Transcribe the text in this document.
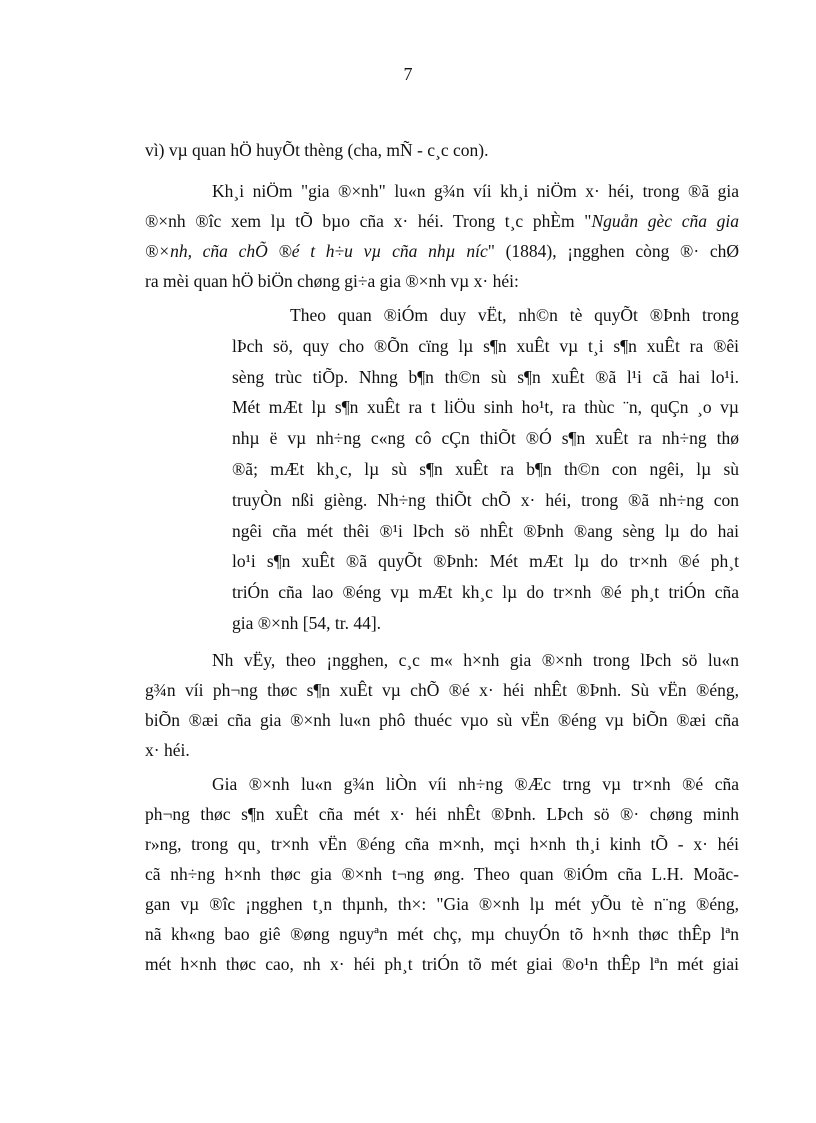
7
vì) vµ quan hÖ huyÕt thèng (cha, mÑ - c¸c con).
Kh¸i niÖm "gia ®×nh" lu«n g¾n víi kh¸i niÖm x· héi, trong ®ã gia
®×nh ®îc xem lµ tÕ bµo cña x· héi. Trong t¸c phÈm "Nguån gèc cña gia
®×nh, cña chÕ ®é t h÷u vµ cña nhµ níc" (1884), ¡ngghen còng ®· chØ
ra mèi quan hÖ biÖn chøng gi÷a gia ®×nh vµ x· héi:
Theo quan ®iÓm duy vËt, nh©n tè quyÕt ®Þnh trong
lÞch sö, quy cho ®Õn cïng lµ s¶n xuÊt vµ t¸i s¶n xuÊt ra ®êi
sèng trùc tiÕp. Nhng b¶n th©n sù s¶n xuÊt ®ã l¹i cã hai lo¹i.
Mét mÆt lµ s¶n xuÊt ra t liÖu sinh ho¹t, ra thùc ¨n, quÇn ¸o vµ
nhµ ë vµ nh÷ng c«ng cô cÇn thiÕt ®Ó s¶n xuÊt ra nh÷ng thø
®ã; mÆt kh¸c, lµ sù s¶n xuÊt ra b¶n th©n con ngêi, lµ sù
truyÒn nßi gièng. Nh÷ng thiÕt chÕ x· héi, trong ®ã nh÷ng con
ngêi cña mét thêi ®¹i lÞch sö nhÊt ®Þnh ®ang sèng lµ do hai
lo¹i s¶n xuÊt ®ã quyÕt ®Þnh: Mét mÆt lµ do tr×nh ®é ph¸t
triÓn cña lao ®éng vµ mÆt kh¸c lµ do tr×nh ®é ph¸t triÓn cña
gia ®×nh [54, tr. 44].
Nh vËy, theo ¡ngghen, c¸c m« h×nh gia ®×nh trong lÞch sö lu«n
g¾n víi ph¬ng thøc s¶n xuÊt vµ chÕ ®é x· héi nhÊt ®Þnh. Sù vËn ®éng,
biÕn ®æi cña gia ®×nh lu«n phô thuéc vµo sù vËn ®éng vµ biÕn ®æi cña
x· héi.
Gia ®×nh lu«n g¾n liÒn víi nh÷ng ®Æc trng vµ tr×nh ®é cña
ph¬ng thøc s¶n xuÊt cña mét x· héi nhÊt ®Þnh. LÞch sö ®· chøng minh
r»ng, trong qu¸ tr×nh vËn ®éng cña m×nh, mçi h×nh th¸i kinh tÕ - x· héi
cã nh÷ng h×nh thøc gia ®×nh t¬ng øng. Theo quan ®iÓm cña L.H. Moãc-
gan vµ ®îc ¡ngghen t¸n thµnh, th×: "Gia ®×nh lµ mét yÕu tè n¨ng ®éng,
nã kh«ng bao giê ®øng nguyªn mét chç, mµ chuyÓn tõ h×nh thøc thÊp lªn
mét h×nh thøc cao, nh x· héi ph¸t triÓn tõ mét giai ®o¹n thÊp lªn mét giai
